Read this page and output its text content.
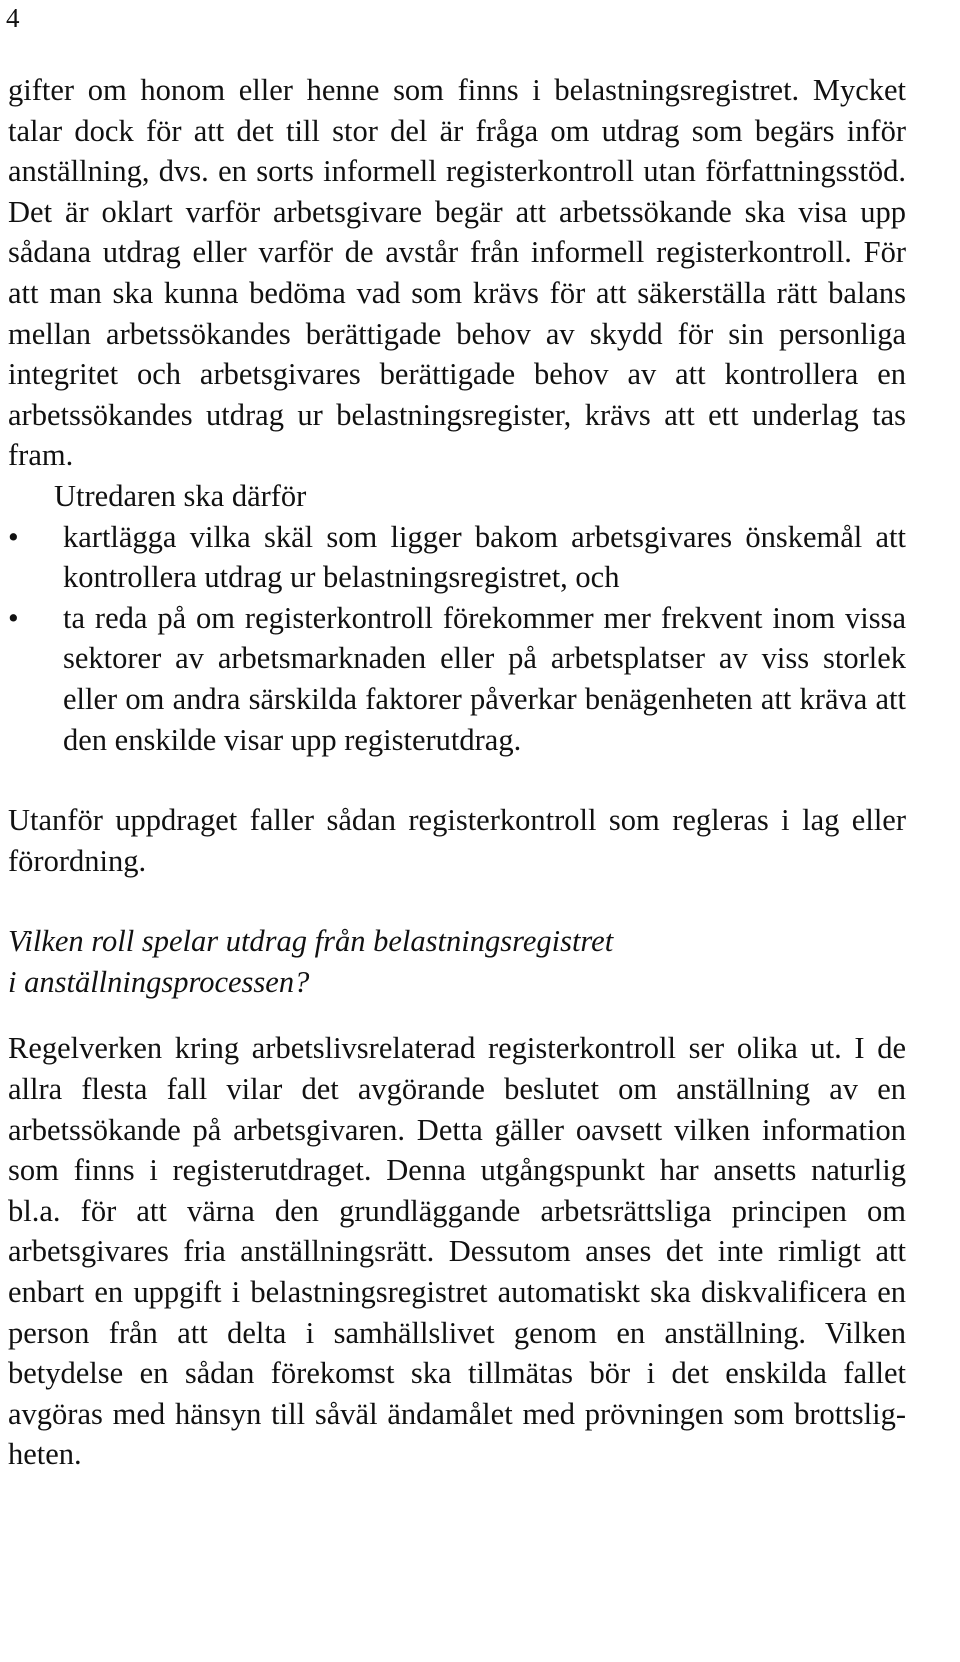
4

gifter om honom eller henne som finns i belastningsregistret. Mycket talar dock för att det till stor del är fråga om utdrag som begärs inför anställning, dvs. en sorts informell registerkontroll utan författningsstöd. Det är oklart varför arbetsgivare begär att arbetssökande ska visa upp sådana utdrag eller varför de avstår från informell registerkontroll. För att man ska kunna bedöma vad som krävs för att säkerställa rätt balans mellan arbetssökandes berättigade behov av skydd för sin personliga integritet och arbetsgivares berättigade behov av att kontrollera en arbetssökandes utdrag ur belastningsregister, krävs att ett underlag tas fram.

Utredaren ska därför

• kartlägga vilka skäl som ligger bakom arbetsgivares önskemål att kontrollera utdrag ur belastningsregistret, och
• ta reda på om registerkontroll förekommer mer frekvent inom vissa sektorer av arbetsmarknaden eller på arbetsplatser av viss storlek eller om andra särskilda faktorer påverkar benägenheten att kräva att den enskilde visar upp registerutdrag.

Utanför uppdraget faller sådan registerkontroll som regleras i lag eller förordning.

Vilken roll spelar utdrag från belastningsregistret
i anställningsprocessen?

Regelverken kring arbetslivsrelaterad registerkontroll ser olika ut. I de allra flesta fall vilar det avgörande beslutet om anställning av en arbetssökande på arbetsgivaren. Detta gäller oavsett vilken information som finns i registerutdraget. Denna utgångspunkt har ansetts naturlig bl.a. för att värna den grundläggande arbetsrättsliga principen om arbetsgivares fria anställningsrätt. Dessutom anses det inte rimligt att enbart en uppgift i belastningsregistret automatiskt ska diskvalificera en person från att delta i samhällslivet genom en anställning. Vilken betydelse en sådan förekomst ska tillmätas bör i det enskilda fallet avgöras med hänsyn till såväl ändamålet med prövningen som brottsligheten.
